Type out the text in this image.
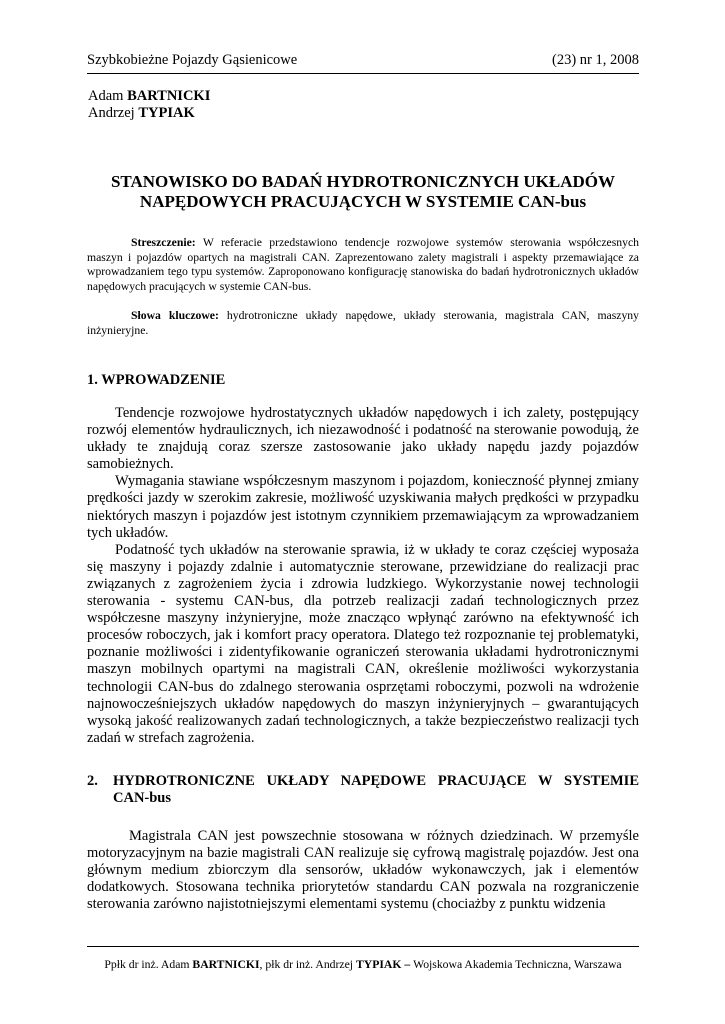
Szybkobieżne Pojazdy Gąsienicowe	(23) nr 1, 2008
Adam BARTNICKI
Andrzej TYPIAK
STANOWISKO DO BADAŃ HYDROTRONICZNYCH UKŁADÓW
NAPĘDOWYCH PRACUJĄCYCH W SYSTEMIE CAN-bus

Streszczenie: W referacie przedstawiono tendencje rozwojowe systemów sterowania współczesnych maszyn i pojazdów opartych na magistrali CAN. Zaprezentowano zalety magistrali i aspekty przemawiające za wprowadzaniem tego typu systemów. Zaproponowano konfigurację stanowiska do badań hydrotronicznych układów napędowych pracujących w systemie CAN-bus.

Słowa kluczowe: hydrotroniczne układy napędowe, układy sterowania, magistrala CAN, maszyny inżynieryjne.

1. WPROWADZENIE

Tendencje rozwojowe hydrostatycznych układów napędowych i ich zalety, postępujący rozwój elementów hydraulicznych, ich niezawodność i podatność na sterowanie powodują, że układy te znajdują coraz szersze zastosowanie jako układy napędu jazdy pojazdów samobieżnych.

Wymagania stawiane współczesnym maszynom i pojazdom, konieczność płynnej zmiany prędkości jazdy w szerokim zakresie, możliwość uzyskiwania małych prędkości w przypadku niektórych maszyn i pojazdów jest istotnym czynnikiem przemawiającym za wprowadzaniem tych układów.

Podatność tych układów na sterowanie sprawia, iż w układy te coraz częściej wyposaża się maszyny i pojazdy zdalnie i automatycznie sterowane, przewidziane do realizacji prac związanych z zagrożeniem życia i zdrowia ludzkiego. Wykorzystanie nowej technologii sterowania - systemu CAN-bus, dla potrzeb realizacji zadań technologicznych przez współczesne maszyny inżynieryjne, może znacząco wpłynąć zarówno na efektywność ich procesów roboczych, jak i komfort pracy operatora. Dlatego też rozpoznanie tej problematyki, poznanie możliwości i zidentyfikowanie ograniczeń sterowania układami hydrotronicznymi maszyn mobilnych opartymi na magistrali CAN, określenie możliwości wykorzystania technologii CAN-bus do zdalnego sterowania osprzętami roboczymi, pozwoli na wdrożenie najnowocześniejszych układów napędowych do maszyn inżynieryjnych – gwarantujących wysoką jakość realizowanych zadań technologicznych, a także bezpieczeństwo realizacji tych zadań w strefach zagrożenia.

2.	HYDROTRONICZNE UKŁADY NAPĘDOWE PRACUJĄCE W SYSTEMIE
CAN-bus

Magistrala CAN jest powszechnie stosowana w różnych dziedzinach. W przemyśle motoryzacyjnym na bazie magistrali CAN realizuje się cyfrową magistralę pojazdów. Jest ona głównym medium zbiorczym dla sensorów, układów wykonawczych, jak i elementów dodatkowych. Stosowana technika priorytetów standardu CAN pozwala na rozgraniczenie sterowania zarówno najistotniejszymi elementami systemu (chociażby z punktu widzenia

Ppłk dr inż. Adam BARTNICKI, płk dr inż. Andrzej TYPIAK – Wojskowa Akademia Techniczna, Warszawa
